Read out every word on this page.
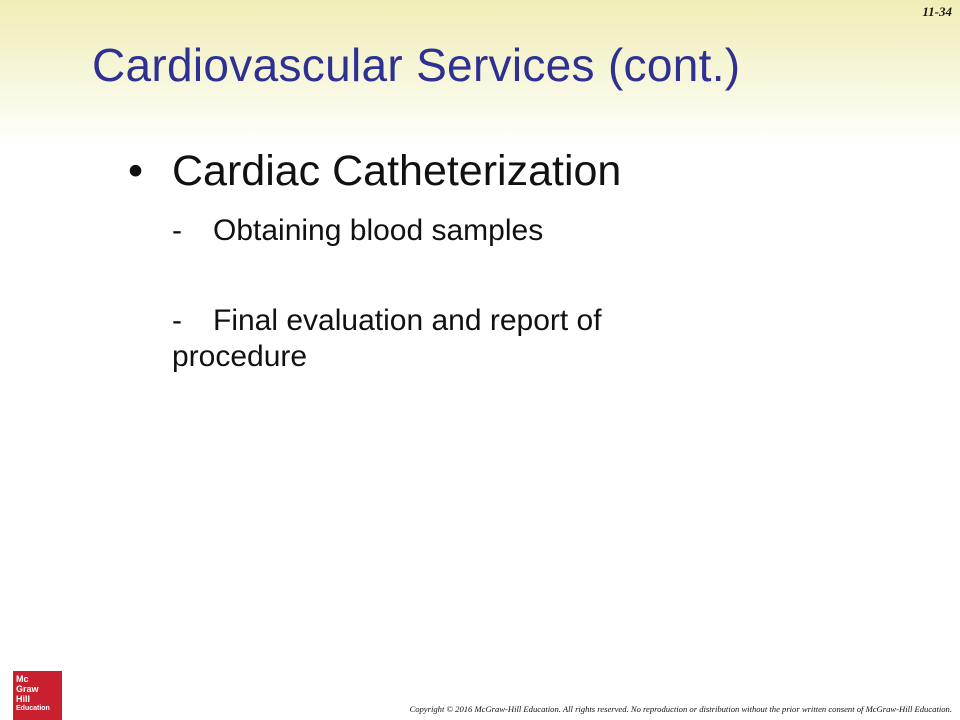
11-34
Cardiovascular Services (cont.)
• Cardiac Catheterization
- Obtaining blood samples
- Final evaluation and report of procedure
Mc
Graw
Hill
Education	Copyright © 2016 McGraw-Hill Education. All rights reserved. No reproduction or distribution without the prior written consent of McGraw-Hill Education.
